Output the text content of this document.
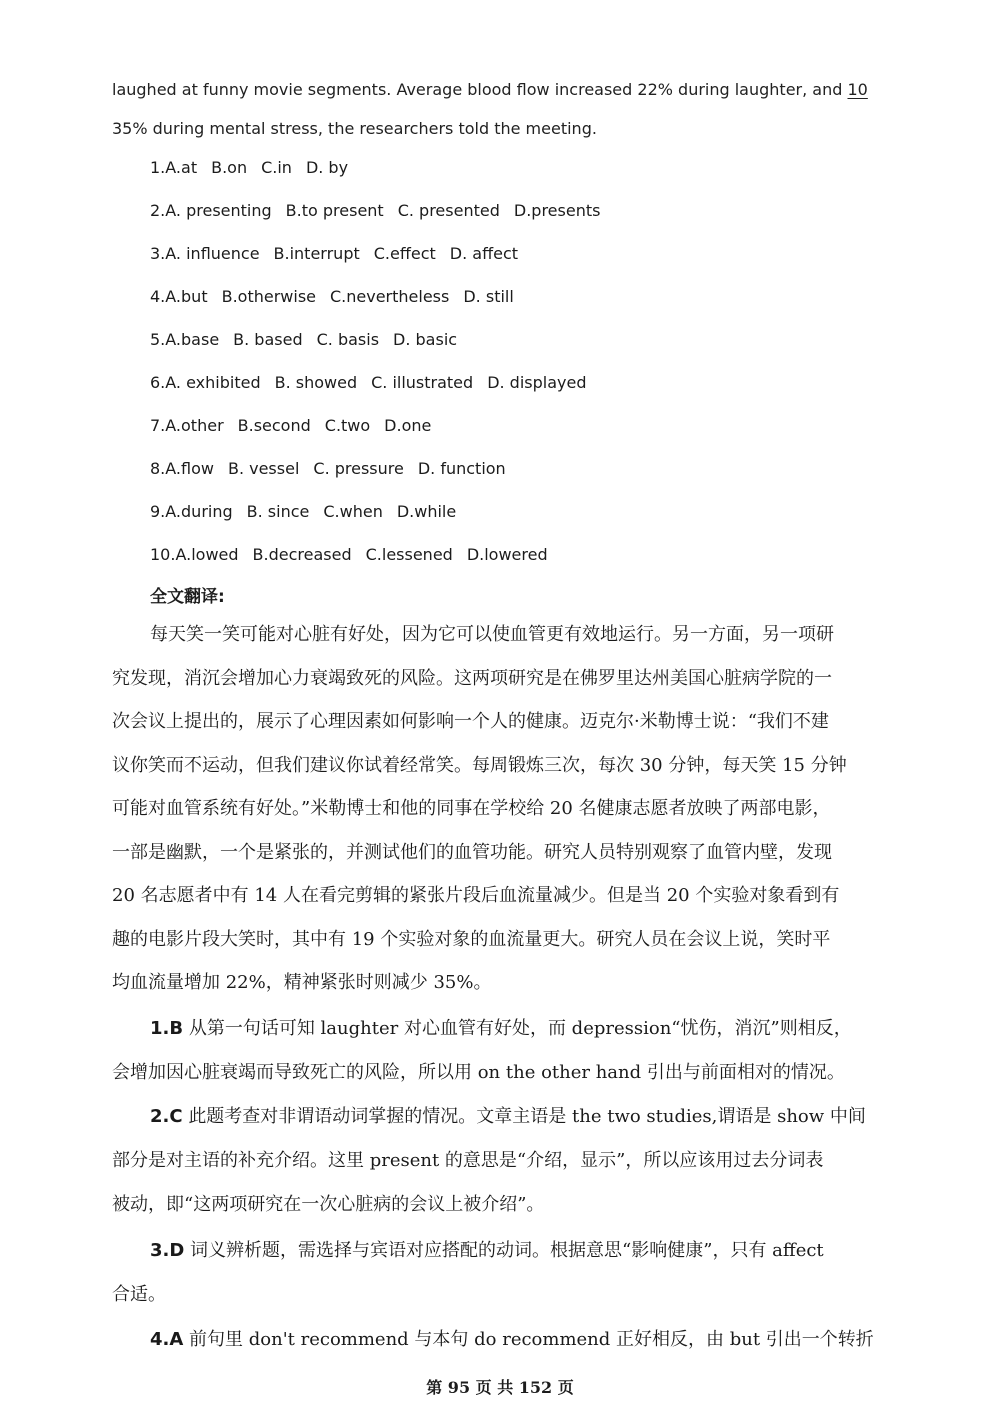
laughed at funny movie segments. Average blood flow increased 22% during laughter, and 10
35% during mental stress, the researchers told the meeting.
1.A.at B.on C.in D. by
2.A. presenting B.to present C. presented D.presents
3.A. influence B.interrupt C.effect D. affect
4.A.but B.otherwise C.nevertheless D. still
5.A.base B. based C. basis D. basic
6.A. exhibited B. showed C. illustrated D. displayed
7.A.other B.second C.two D.one
8.A.flow B. vessel C. pressure D. function
9.A.during B. since C.when D.while
10.A.lowed B.decreased C.lessened D.lowered
全文翻译:
每天笑一笑可能对心脏有好处，因为它可以使血管更有效地运行。另一方面，另一项研
究发现，消沉会增加心力衰竭致死的风险。这两项研究是在佛罗里达州美国心脏病学院的一
次会议上提出的，展示了心理因素如何影响一个人的健康。迈克尔·米勒博士说：“我们不建
议你笑而不运动，但我们建议你试着经常笑。每周锻炼三次，每次 30 分钟，每天笑 15 分钟
可能对血管系统有好处。”米勒博士和他的同事在学校给 20 名健康志愿者放映了两部电影，
一部是幽默，一个是紧张的，并测试他们的血管功能。研究人员特别观察了血管内壁，发现
20 名志愿者中有 14 人在看完剪辑的紧张片段后血流量减少。但是当 20 个实验对象看到有
趣的电影片段大笑时，其中有 19 个实验对象的血流量更大。研究人员在会议上说，笑时平
均血流量增加 22%，精神紧张时则减少 35%。
1.B 从第一句话可知 laughter 对心血管有好处，而 depression“忧伤，消沉”则相反，
会增加因心脏衰竭而导致死亡的风险，所以用 on the other hand 引出与前面相对的情况。
2.C 此题考查对非谓语动词掌握的情况。文章主语是 the two studies,谓语是 show 中间
部分是对主语的补充介绍。这里 present 的意思是“介绍，显示”，所以应该用过去分词表
被动，即“这两项研究在一次心脏病的会议上被介绍”。
3.D 词义辨析题，需选择与宾语对应搭配的动词。根据意思“影响健康”，只有 affect
合适。
4.A 前句里 don't recommend 与本句 do recommend 正好相反，由 but 引出一个转折
第 95 页 共 152 页
